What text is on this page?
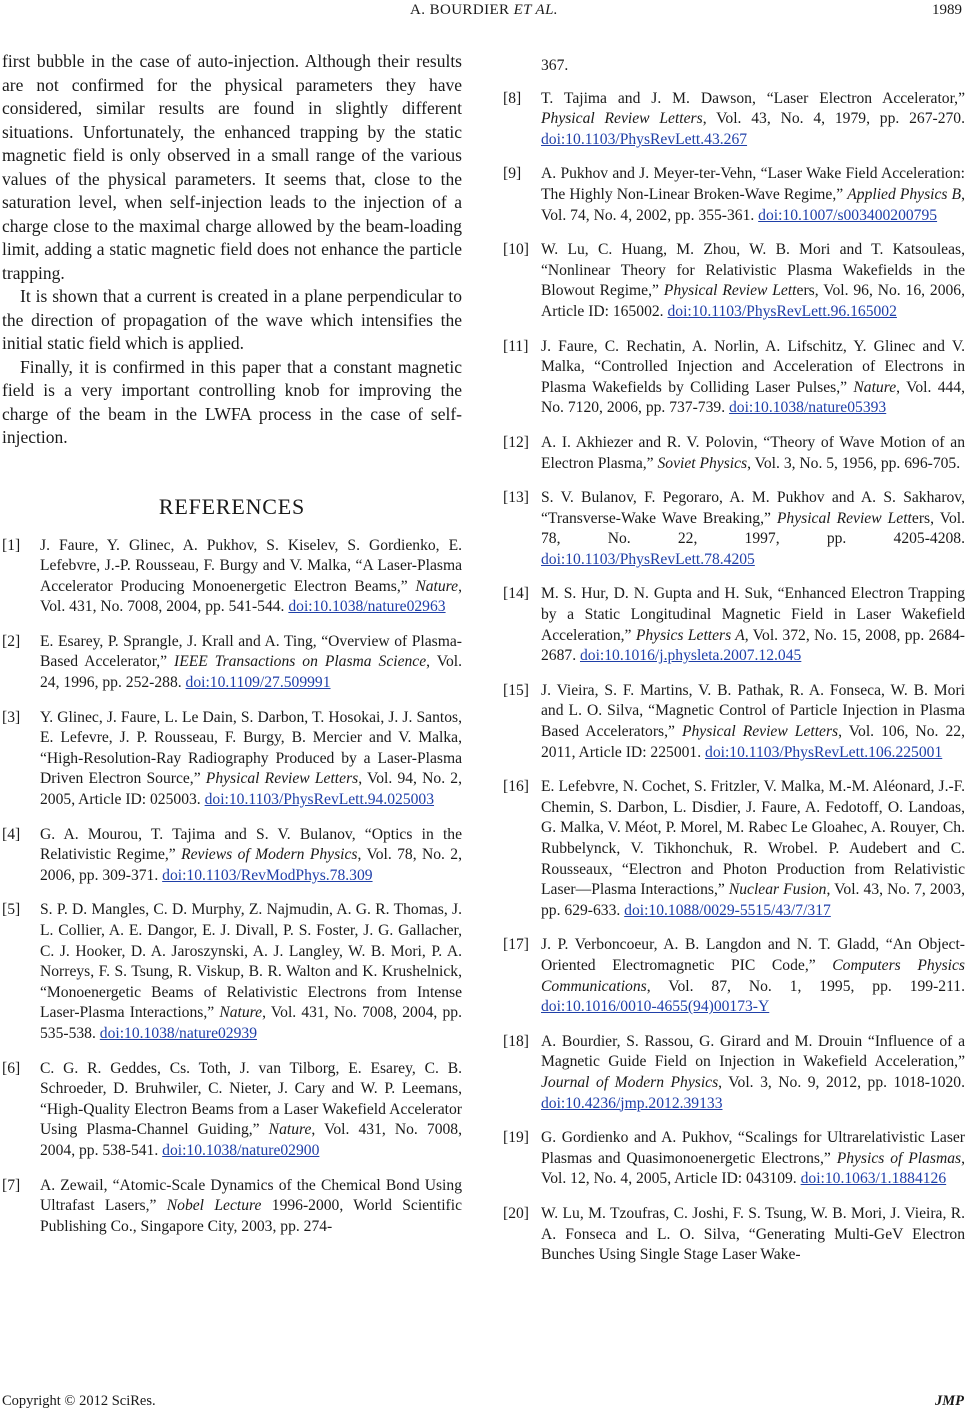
A. BOURDIER ET AL.	1989

first bubble in the case of auto-injection. Although their results are not confirmed for the physical parameters they have considered, similar results are found in slightly different situations. Unfortunately, the enhanced trapping by the static magnetic field is only observed in a small range of the various values of the physical parameters. It seems that, close to the saturation level, when self-injection leads to the injection of a charge close to the maximal charge allowed by the beam-loading limit, adding a static magnetic field does not enhance the particle trapping.

It is shown that a current is created in a plane perpendicular to the direction of propagation of the wave which intensifies the initial static field which is applied.

Finally, it is confirmed in this paper that a constant magnetic field is a very important controlling knob for improving the charge of the beam in the LWFA process in the case of self-injection.

REFERENCES
[1] J. Faure, Y. Glinec, A. Pukhov, S. Kiselev, S. Gordienko, E. Lefebvre, J.-P. Rousseau, F. Burgy and V. Malka, “A Laser-Plasma Accelerator Producing Monoenergetic Electron Beams,” Nature, Vol. 431, No. 7008, 2004, pp. 541-544. doi:10.1038/nature02963
[2] E. Esarey, P. Sprangle, J. Krall and A. Ting, “Overview of Plasma-Based Accelerator,” IEEE Transactions on Plasma Science, Vol. 24, 1996, pp. 252-288. doi:10.1109/27.509991
[3] Y. Glinec, J. Faure, L. Le Dain, S. Darbon, T. Hosokai, J. J. Santos, E. Lefevre, J. P. Rousseau, F. Burgy, B. Mercier and V. Malka, “High-Resolution-Ray Radiography Produced by a Laser-Plasma Driven Electron Source,” Physical Review Letters, Vol. 94, No. 2, 2005, Article ID: 025003. doi:10.1103/PhysRevLett.94.025003
[4] G. A. Mourou, T. Tajima and S. V. Bulanov, “Optics in the Relativistic Regime,” Reviews of Modern Physics, Vol. 78, No. 2, 2006, pp. 309-371. doi:10.1103/RevModPhys.78.309
[5] S. P. D. Mangles, C. D. Murphy, Z. Najmudin, A. G. R. Thomas, J. L. Collier, A. E. Dangor, E. J. Divall, P. S. Foster, J. G. Gallacher, C. J. Hooker, D. A. Jaroszynski, A. J. Langley, W. B. Mori, P. A. Norreys, F. S. Tsung, R. Viskup, B. R. Walton and K. Krushelnick, “Monoenergetic Beams of Relativistic Electrons from Intense Laser-Plasma Interactions,” Nature, Vol. 431, No. 7008, 2004, pp. 535-538. doi:10.1038/nature02939
[6] C. G. R. Geddes, Cs. Toth, J. van Tilborg, E. Esarey, C. B. Schroeder, D. Bruhwiler, C. Nieter, J. Cary and W. P. Leemans, “High-Quality Electron Beams from a Laser Wakefield Accelerator Using Plasma-Channel Guiding,” Nature, Vol. 431, No. 7008, 2004, pp. 538-541. doi:10.1038/nature02900
[7] A. Zewail, “Atomic-Scale Dynamics of the Chemical Bond Using Ultrafast Lasers,” Nobel Lecture 1996-2000, World Scientific Publishing Co., Singapore City, 2003, pp. 274-
367.
[8] T. Tajima and J. M. Dawson, “Laser Electron Accelerator,” Physical Review Letters, Vol. 43, No. 4, 1979, pp. 267-270. doi:10.1103/PhysRevLett.43.267
[9] A. Pukhov and J. Meyer-ter-Vehn, “Laser Wake Field Acceleration: The Highly Non-Linear Broken-Wave Regime,” Applied Physics B, Vol. 74, No. 4, 2002, pp. 355-361. doi:10.1007/s003400200795
[10] W. Lu, C. Huang, M. Zhou, W. B. Mori and T. Katsouleas, “Nonlinear Theory for Relativistic Plasma Wakefields in the Blowout Regime,” Physical Review Letters, Vol. 96, No. 16, 2006, Article ID: 165002. doi:10.1103/PhysRevLett.96.165002
[11] J. Faure, C. Rechatin, A. Norlin, A. Lifschitz, Y. Glinec and V. Malka, “Controlled Injection and Acceleration of Electrons in Plasma Wakefields by Colliding Laser Pulses,” Nature, Vol. 444, No. 7120, 2006, pp. 737-739. doi:10.1038/nature05393
[12] A. I. Akhiezer and R. V. Polovin, “Theory of Wave Motion of an Electron Plasma,” Soviet Physics, Vol. 3, No. 5, 1956, pp. 696-705.
[13] S. V. Bulanov, F. Pegoraro, A. M. Pukhov and A. S. Sakharov, “Transverse-Wake Wave Breaking,” Physical Review Letters, Vol. 78, No. 22, 1997, pp. 4205-4208. doi:10.1103/PhysRevLett.78.4205
[14] M. S. Hur, D. N. Gupta and H. Suk, “Enhanced Electron Trapping by a Static Longitudinal Magnetic Field in Laser Wakefield Acceleration,” Physics Letters A, Vol. 372, No. 15, 2008, pp. 2684-2687. doi:10.1016/j.physleta.2007.12.045
[15] J. Vieira, S. F. Martins, V. B. Pathak, R. A. Fonseca, W. B. Mori and L. O. Silva, “Magnetic Control of Particle Injection in Plasma Based Accelerators,” Physical Review Letters, Vol. 106, No. 22, 2011, Article ID: 225001. doi:10.1103/PhysRevLett.106.225001
[16] E. Lefebvre, N. Cochet, S. Fritzler, V. Malka, M.-M. Aléonard, J.-F. Chemin, S. Darbon, L. Disdier, J. Faure, A. Fedotoff, O. Landoas, G. Malka, V. Méot, P. Morel, M. Rabec Le Gloahec, A. Rouyer, Ch. Rubbelynck, V. Tikhonchuk, R. Wrobel. P. Audebert and C. Rousseaux, “Electron and Photon Production from Relativistic Laser—Plasma Interactions,” Nuclear Fusion, Vol. 43, No. 7, 2003, pp. 629-633. doi:10.1088/0029-5515/43/7/317
[17] J. P. Verboncoeur, A. B. Langdon and N. T. Gladd, “An Object-Oriented Electromagnetic PIC Code,” Computers Physics Communications, Vol. 87, No. 1, 1995, pp. 199-211. doi:10.1016/0010-4655(94)00173-Y
[18] A. Bourdier, S. Rassou, G. Girard and M. Drouin “Influence of a Magnetic Guide Field on Injection in Wakefield Acceleration,” Journal of Modern Physics, Vol. 3, No. 9, 2012, pp. 1018-1020. doi:10.4236/jmp.2012.39133
[19] G. Gordienko and A. Pukhov, “Scalings for Ultrarelativistic Laser Plasmas and Quasimonoenergetic Electrons,” Physics of Plasmas, Vol. 12, No. 4, 2005, Article ID: 043109. doi:10.1063/1.1884126
[20] W. Lu, M. Tzoufras, C. Joshi, F. S. Tsung, W. B. Mori, J. Vieira, R. A. Fonseca and L. O. Silva, “Generating Multi-GeV Electron Bunches Using Single Stage Laser Wake-
Copyright © 2012 SciRes.	JMP
